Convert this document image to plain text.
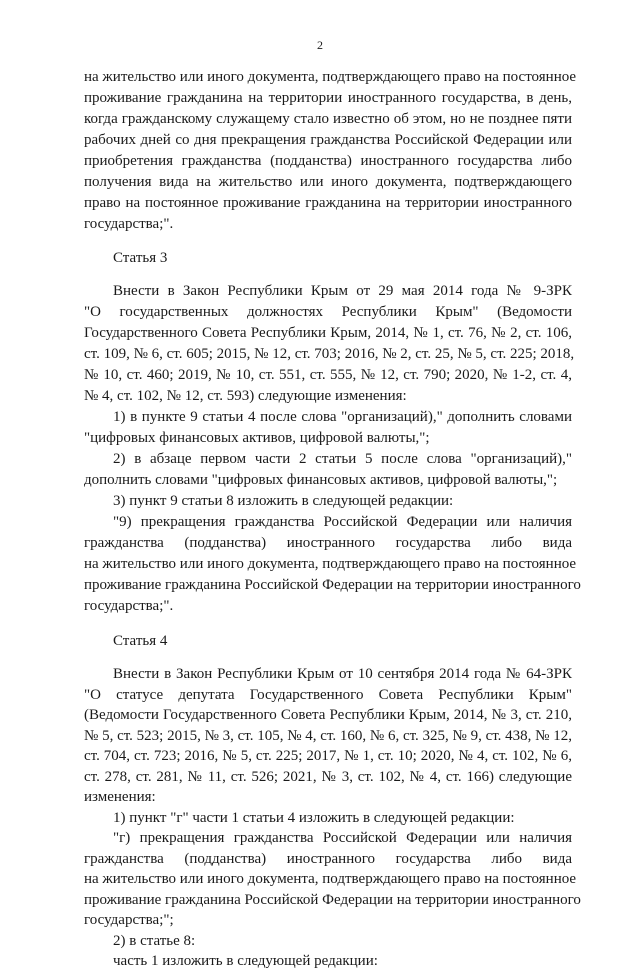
2
на жительство или иного документа, подтверждающего право на постоянное
проживание гражданина на территории иностранного государства, в день,
когда гражданскому служащему стало известно об этом, но не позднее пяти
рабочих дней со дня прекращения гражданства Российской Федерации или
приобретения гражданства (подданства) иностранного государства либо
получения вида на жительство или иного документа, подтверждающего
право на постоянное проживание гражданина на территории иностранного
государства;".
Статья 3
Внести в Закон Республики Крым от 29 мая 2014 года № 9-ЗРК
"О государственных должностях Республики Крым" (Ведомости
Государственного Совета Республики Крым, 2014, № 1, ст. 76, № 2, ст. 106,
ст. 109, № 6, ст. 605; 2015, № 12, ст. 703; 2016, № 2, ст. 25, № 5, ст. 225; 2018,
№ 10, ст. 460; 2019, № 10, ст. 551, ст. 555, № 12, ст. 790; 2020, № 1-2, ст. 4,
№ 4, ст. 102, № 12, ст. 593) следующие изменения:
1) в пункте 9 статьи 4 после слова "организаций)," дополнить словами
"цифровых финансовых активов, цифровой валюты,";
2) в абзаце первом части 2 статьи 5 после слова "организаций),"
дополнить словами "цифровых финансовых активов, цифровой валюты,";
3) пункт 9 статьи 8 изложить в следующей редакции:
"9) прекращения гражданства Российской Федерации или наличия
гражданства (подданства) иностранного государства либо вида
на жительство или иного документа, подтверждающего право на постоянное
проживание гражданина Российской Федерации на территории иностранного
государства;".
Статья 4
Внести в Закон Республики Крым от 10 сентября 2014 года № 64-ЗРК
"О статусе депутата Государственного Совета Республики Крым"
(Ведомости Государственного Совета Республики Крым, 2014, № 3, ст. 210,
№ 5, ст. 523; 2015, № 3, ст. 105, № 4, ст. 160, № 6, ст. 325, № 9, ст. 438, № 12,
ст. 704, ст. 723; 2016, № 5, ст. 225; 2017, № 1, ст. 10; 2020, № 4, ст. 102, № 6,
ст. 278, ст. 281, № 11, ст. 526; 2021, № 3, ст. 102, № 4, ст. 166) следующие
изменения:
1) пункт "г" части 1 статьи 4 изложить в следующей редакции:
"г) прекращения гражданства Российской Федерации или наличия
гражданства (подданства) иностранного государства либо вида
на жительство или иного документа, подтверждающего право на постоянное
проживание гражданина Российской Федерации на территории иностранного
государства;";
2) в статье 8:
часть 1 изложить в следующей редакции:
